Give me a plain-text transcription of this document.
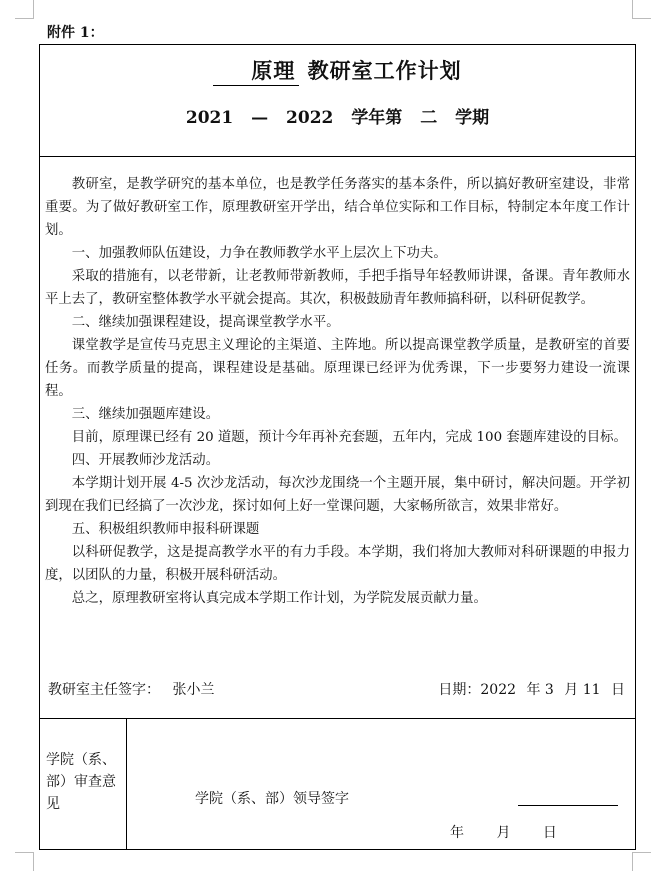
附件 1：
原理 教研室工作计划
2021 — 2022 学年第 二 学期

教研室，是教学研究的基本单位，也是教学任务落实的基本条件，所以搞好教研室建设，非常重要。为了做好教研室工作，原理教研室开学出，结合单位实际和工作目标，特制定本年度工作计划。

一、加强教师队伍建设，力争在教师教学水平上层次上下功夫。

采取的措施有，以老带新，让老教师带新教师，手把手指导年轻教师讲课，备课。青年教师水平上去了，教研室整体教学水平就会提高。其次，积极鼓励青年教师搞科研，以科研促教学。

二、继续加强课程建设，提高课堂教学水平。

课堂教学是宣传马克思主义理论的主渠道、主阵地。所以提高课堂教学质量，是教研室的首要任务。而教学质量的提高，课程建设是基础。原理课已经评为优秀课，下一步要努力建设一流课程。

三、继续加强题库建设。

目前，原理课已经有 20 道题，预计今年再补充套题，五年内，完成 100 套题库建设的目标。

四、开展教师沙龙活动。

本学期计划开展 4-5 次沙龙活动，每次沙龙围绕一个主题开展，集中研讨，解决问题。开学初到现在我们已经搞了一次沙龙，探讨如何上好一堂课问题，大家畅所欲言，效果非常好。

五、积极组织教师申报科研课题

以科研促教学，这是提高教学水平的有力手段。本学期，我们将加大教师对科研课题的申报力度，以团队的力量，积极开展科研活动。

总之，原理教研室将认真完成本学期工作计划，为学院发展贡献力量。

教研室主任签字： 张小兰	日期：2022 年 3 月 11 日
学院（系、部）审查意见	学院（系、部）领导签字
年 月 日
